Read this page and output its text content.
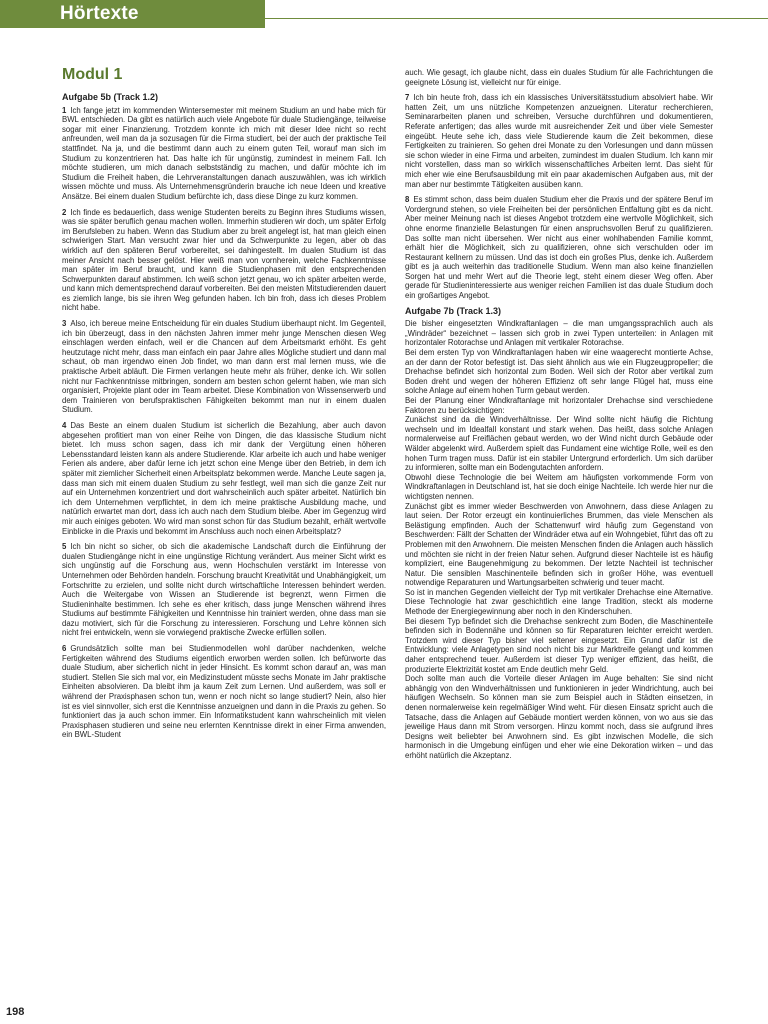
Hörtexte
Modul 1
Aufgabe 5b (Track 1.2)

1 Ich fange jetzt im kommenden Wintersemester mit meinem Studium an und habe mich für BWL entschieden. Da gibt es natürlich auch viele Angebote für duale Studiengänge, teilweise sogar mit einer Finanzierung. Trotzdem konnte ich mich mit dieser Idee nicht so recht anfreunden, weil man da ja sozusagen für die Firma studiert, bei der auch der praktische Teil stattfindet. Na ja, und die bestimmt dann auch zu einem guten Teil, worauf man sich im Studium zu konzentrieren hat. Das halte ich für ungünstig, zumindest in meinem Fall. Ich möchte studieren, um mich danach selbstständig zu machen, und dafür möchte ich im Studium die Freiheit haben, die Lehrveranstaltungen danach auszuwählen, was ich wirklich wissen möchte und muss. Als Unternehmensgründerin brauche ich neue Ideen und kreative Ansätze. Bei einem dualen Studium befürchte ich, dass diese Dinge zu kurz kommen.

2 Ich finde es bedauerlich, dass wenige Studenten bereits zu Beginn ihres Studiums wissen, was sie später beruflich genau machen wollen. Immerhin studieren wir doch, um später Erfolg im Berufsleben zu haben. Wenn das Studium aber zu breit angelegt ist, hat man gleich einen schwierigen Start. Man versucht zwar hier und da Schwerpunkte zu legen, aber ob das wirklich auf den späteren Beruf vorbereitet, sei dahingestellt. Im dualen Studium ist das meiner Ansicht nach besser gelöst. Hier weiß man von vornherein, welche Fachkenntnisse man später im Beruf braucht, und kann die Studienphasen mit den entsprechenden Schwerpunkten darauf abstimmen. Ich weiß schon jetzt genau, wo ich später arbeiten werde, und kann mich dementsprechend darauf vorbereiten. Bei den meisten Mitstudierenden dauert es ziemlich lange, bis sie ihren Weg gefunden haben. Ich bin froh, dass ich dieses Problem nicht habe.

3 Also, ich bereue meine Entscheidung für ein duales Studium überhaupt nicht. Im Gegenteil, ich bin überzeugt, dass in den nächsten Jahren immer mehr junge Menschen diesen Weg einschlagen werden einfach, weil er die Chancen auf dem Arbeitsmarkt erhöht. Es geht heutzutage nicht mehr, dass man einfach ein paar Jahre alles Mögliche studiert und dann mal schaut, ob man irgendwo einen Job findet, wo man dann erst mal lernen muss, wie die praktische Arbeit abläuft. Die Firmen verlangen heute mehr als früher, denke ich. Wir sollen nicht nur Fachkenntnisse mitbringen, sondern am besten schon gelernt haben, wie man sich organisiert, Projekte plant oder im Team arbeitet. Diese Kombination von Wissenserwerb und dem Trainieren von berufspraktischen Fähigkeiten bekommt man nur in einem dualen Studium.

4 Das Beste an einem dualen Studium ist sicherlich die Bezahlung, aber auch davon abgesehen profitiert man von einer Reihe von Dingen, die das klassische Studium nicht bietet. Ich muss schon sagen, dass ich mir dank der Vergütung einen höheren Lebensstandard leisten kann als andere Studierende. Klar arbeite ich auch und habe weniger Ferien als andere, aber dafür lerne ich jetzt schon eine Menge über den Betrieb, in dem ich später mit ziemlicher Sicherheit einen Arbeitsplatz bekommen werde. Manche Leute sagen ja, dass man sich mit einem dualen Studium zu sehr festlegt, weil man sich die ganze Zeit nur auf ein Unternehmen konzentriert und dort wahrscheinlich auch später arbeitet. Natürlich bin ich dem Unternehmen verpflichtet, in dem ich meine praktische Ausbildung mache, und natürlich erwartet man dort, dass ich auch nach dem Studium bleibe. Aber im Gegenzug wird mir auch einiges geboten. Wo wird man sonst schon für das Studium bezahlt, erhält wertvolle Einblicke in die Praxis und bekommt im Anschluss auch noch einen Arbeitsplatz?

5 Ich bin nicht so sicher, ob sich die akademische Landschaft durch die Einführung der dualen Studiengänge nicht in eine ungünstige Richtung verändert. Aus meiner Sicht wirkt es sich ungünstig auf die Forschung aus, wenn Hochschulen verstärkt im Interesse von Unternehmen oder Behörden handeln. Forschung braucht Kreativität und Unabhängigkeit, um Fortschritte zu erzielen, und sollte nicht durch wirtschaftliche Interessen behindert werden. Auch die Weitergabe von Wissen an Studierende ist begrenzt, wenn Firmen die Studieninhalte bestimmen. Ich sehe es eher kritisch, dass junge Menschen während ihres Studiums auf bestimmte Fähigkeiten und Kenntnisse hin trainiert werden, ohne dass man sie dazu motiviert, sich für die Forschung zu interessieren. Forschung und Lehre können sich nicht frei entwickeln, wenn sie vorwiegend praktische Zwecke erfüllen sollen.

6 Grundsätzlich sollte man bei Studienmodellen wohl darüber nachdenken, welche Fertigkeiten während des Studiums eigentlich erworben werden sollen. Ich befürworte das duale Studium, aber sicherlich nicht in jeder Hinsicht. Es kommt schon darauf an, was man studiert. Stellen Sie sich mal vor, ein Medizinstudent müsste sechs Monate im Jahr praktische Einheiten absolvieren. Da bleibt ihm ja kaum Zeit zum Lernen. Und außerdem, was soll er während der Praxisphasen schon tun, wenn er noch nicht so lange studiert? Nein, also hier ist es viel sinnvoller, sich erst die Kenntnisse anzueignen und dann in die Praxis zu gehen. So funktioniert das ja auch schon immer. Ein Informatikstudent kann wahrscheinlich mit vielen Praxisphasen studieren und seine neu erlernten Kenntnisse direkt in einer Firma anwenden, ein BWL-Student

auch. Wie gesagt, ich glaube nicht, dass ein duales Studium für alle Fachrichtungen die geeignete Lösung ist, vielleicht nur für einige.

7 Ich bin heute froh, dass ich ein klassisches Universitätsstudium absolviert habe. Wir hatten Zeit, um uns nützliche Kompetenzen anzueignen. Literatur recherchieren, Seminararbeiten planen und schreiben, Versuche durchführen und dokumentieren, Referate anfertigen; das alles wurde mit ausreichender Zeit und über viele Semester eingeübt. Heute sehe ich, dass viele Studierende kaum die Zeit bekommen, diese Fertigkeiten zu trainieren. So gehen drei Monate zu den Vorlesungen und dann müssen sie schon wieder in eine Firma und arbeiten, zumindest im dualen Studium. Ich kann mir nicht vorstellen, dass man so wirklich wissenschaftliches Arbeiten lernt. Das sieht für mich eher wie eine Berufsausbildung mit ein paar akademischen Aufgaben aus, mit der man aber nur bestimmte Tätigkeiten ausüben kann.

8 Es stimmt schon, dass beim dualen Studium eher die Praxis und der spätere Beruf im Vordergrund stehen, so viele Freiheiten bei der persönlichen Entfaltung gibt es da nicht. Aber meiner Meinung nach ist dieses Angebot trotzdem eine wertvolle Möglichkeit, sich ohne enorme finanzielle Belastungen für einen anspruchsvollen Beruf zu qualifizieren. Das sollte man nicht übersehen. Wer nicht aus einer wohlhabenden Familie kommt, erhält hier die Möglichkeit, sich zu qualifizieren, ohne sich verschulden oder im Restaurant kellnern zu müssen. Und das ist doch ein großes Plus, denke ich. Außerdem gibt es ja auch weiterhin das traditionelle Studium. Wenn man also keine finanziellen Sorgen hat und mehr Wert auf die Theorie legt, steht einem dieser Weg offen. Aber gerade für Studieninteressierte aus weniger reichen Familien ist das duale Studium doch ein großartiges Angebot.

Aufgabe 7b (Track 1.3)

Die bisher eingesetzten Windkraftanlagen – die man umgangssprachlich auch als „Windräder“ bezeichnet – lassen sich grob in zwei Typen unterteilen: in Anlagen mit horizontaler Rotorachse und Anlagen mit vertikaler Rotorachse.

Bei dem ersten Typ von Windkraftanlagen haben wir eine waagerecht montierte Achse, an der dann der Rotor befestigt ist. Das sieht ähnlich aus wie ein Flugzeugpropeller; die Drehachse befindet sich horizontal zum Boden. Weil sich der Rotor aber vertikal zum Boden dreht und wegen der höheren Effizienz oft sehr lange Flügel hat, muss eine solche Anlage auf einem hohen Turm gebaut werden.

Bei der Planung einer Windkraftanlage mit horizontaler Drehachse sind verschiedene Faktoren zu berücksichtigen:

Zunächst sind da die Windverhältnisse. Der Wind sollte nicht häufig die Richtung wechseln und im Idealfall konstant und stark wehen. Das heißt, dass solche Anlagen normalerweise auf Freiflächen gebaut werden, wo der Wind nicht durch Gebäude oder Wälder abgelenkt wird. Außerdem spielt das Fundament eine wichtige Rolle, weil es den hohen Turm tragen muss. Dafür ist ein stabiler Untergrund erforderlich. Um sich darüber zu informieren, sollte man ein Bodengutachten anfordern.

Obwohl diese Technologie die bei Weitem am häufigsten vorkommende Form von Windkraftanlagen in Deutschland ist, hat sie doch einige Nachteile. Ich werde hier nur die wichtigsten nennen.

Zunächst gibt es immer wieder Beschwerden von Anwohnern, dass diese Anlagen zu laut seien. Der Rotor erzeugt ein kontinuierliches Brummen, das viele Menschen als Belästigung empfinden. Auch der Schattenwurf wird häufig zum Gegenstand von Beschwerden: Fällt der Schatten der Windräder etwa auf ein Wohngebiet, führt das oft zu Problemen mit den Anwohnern. Die meisten Menschen finden die Anlagen auch hässlich und möchten sie nicht in der freien Natur sehen. Aufgrund dieser Nachteile ist es häufig kompliziert, eine Baugenehmigung zu bekommen. Der letzte Nachteil ist technischer Natur. Die sensiblen Maschinenteile befinden sich in großer Höhe, was eventuell notwendige Reparaturen und Wartungsarbeiten schwierig und teuer macht.

So ist in manchen Gegenden vielleicht der Typ mit vertikaler Drehachse eine Alternative. Diese Technologie hat zwar geschichtlich eine lange Tradition, steckt als moderne Methode der Energiegewinnung aber noch in den Kinderschuhen.

Bei diesem Typ befindet sich die Drehachse senkrecht zum Boden, die Maschinenteile befinden sich in Bodennähe und können so für Reparaturen leichter erreicht werden. Trotzdem wird dieser Typ bisher viel seltener eingesetzt. Ein Grund dafür ist die Entwicklung: viele Anlagetypen sind noch nicht bis zur Marktreife gelangt und kommen daher entsprechend teuer. Außerdem ist dieser Typ weniger effizient, das heißt, die produzierte Elektrizität kostet am Ende deutlich mehr Geld.

Doch sollte man auch die Vorteile dieser Anlagen im Auge behalten: Sie sind nicht abhängig von den Windverhältnissen und funktionieren in jeder Windrichtung, auch bei häufigen Wechseln. So können man sie zum Beispiel auch in Städten einsetzen, in denen normalerweise kein regelmäßiger Wind weht. Für diesen Einsatz spricht auch die Tatsache, dass die Anlagen auf Gebäude montiert werden können, von wo aus sie das jeweilige Haus dann mit Strom versorgen. Hinzu kommt noch, dass sie aufgrund ihres Designs weit beliebter bei Anwohnern sind. Es gibt inzwischen Modelle, die sich harmonisch in die Umgebung einfügen und eher wie eine Dekoration wirken – und das erhöht natürlich die Akzeptanz.

198
